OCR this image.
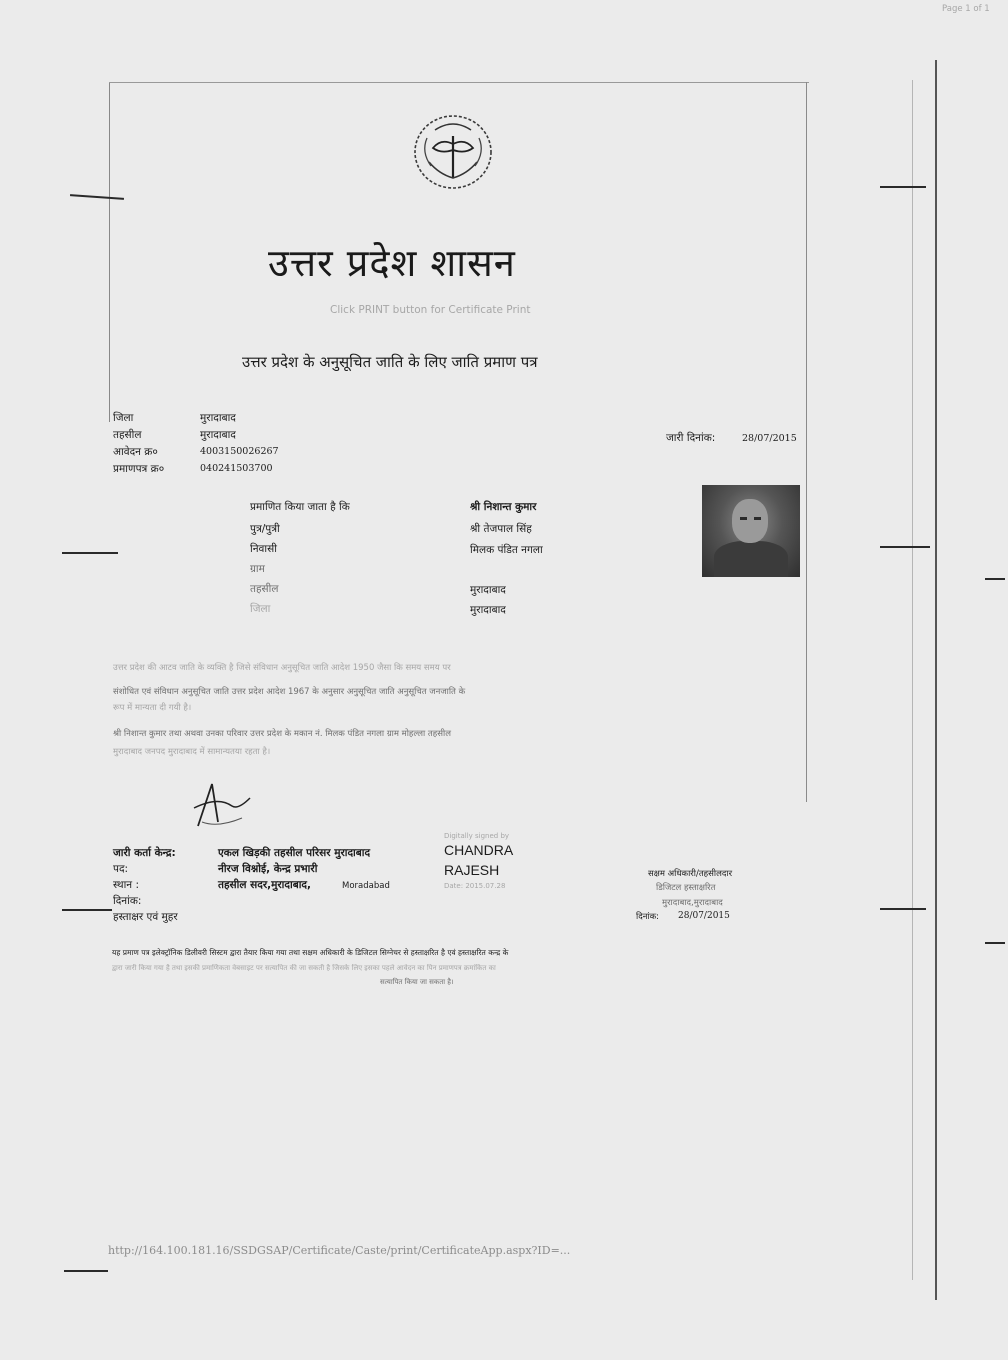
Page 1 of 1
उत्तर प्रदेश शासन
Click PRINT button for Certificate Print
उत्तर प्रदेश के अनुसूचित जाति के लिए जाति प्रमाण पत्र
जिला	मुरादाबाद
तहसील	मुरादाबाद
आवेदन क्र०	4003150026267
प्रमाणपत्र क्र०	040241503700
जारी दिनांक:	28/07/2015
प्रमाणित किया जाता है कि	श्री निशान्त कुमार
पुत्र/पुत्री	श्री तेजपाल सिंह
निवासी	मिलक पंडित नगला
ग्राम
तहसील	मुरादाबाद
जिला	मुरादाबाद
उत्तर प्रदेश की आटव जाति के व्यक्ति है जिसे संविधान अनुसूचित जाति आदेश 1950 जैसा कि समय समय पर
संशोधित एवं संविधान अनुसूचित जाति उत्तर प्रदेश आदेश 1967 के अनुसार अनुसूचित जाति अनुसूचित जनजाति के
रूप में मान्यता दी गयी है।
श्री निशान्त कुमार तथा अथवा उनका परिवार उत्तर प्रदेश के मकान नं. मिलक पंडित नगला ग्राम मोहल्ला तहसील
मुरादाबाद जनपद मुरादाबाद में सामान्यतया रहता है।
जारी कर्ता केन्द्र:	एकल खिड़की तहसील परिसर मुरादाबाद
पद:	नीरज विश्नोई, केन्द्र प्रभारी
स्थान :	तहसील सदर,मुरादाबाद,	Moradabad
दिनांक:
हस्ताक्षर एवं मुहर
Digitally signed by
CHANDRA
RAJESH
Date: 2015.07.28
सक्षम अधिकारी/तहसीलदार
डिजिटल हस्ताक्षरित
मुरादाबाद,मुरादाबाद
दिनांक: 28/07/2015
यह प्रमाण पत्र इलेक्ट्रॉनिक डिलीवरी सिस्टम द्वारा तैयार किया गया तथा सक्षम अधिकारी के डिजिटल सिग्नेचर से हस्ताक्षरित है एवं हस्ताक्षरित कन्द्र के
द्वारा जारी किया गया है तथा इसकी प्रमाणिकता वेबसाइट पर सत्यापित की जा सकती है जिसके लिए इसका पहले आवेदन का पिन प्रमाणपत्र क्रमांकित का
सत्यापित किया जा सकता है।
http://164.100.181.16/SSDGSAP/Certificate/Caste/print/CertificateApp.aspx?ID=...
